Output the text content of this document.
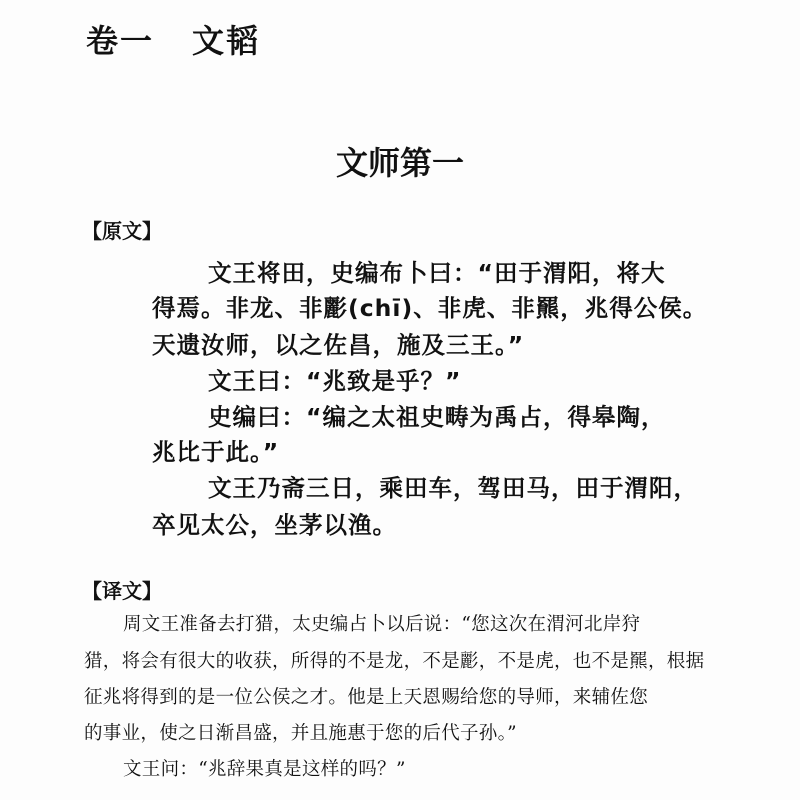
卷一 文韬
文师第一
【原文】
文王将田，史编布卜曰：“田于渭阳，将大
得焉。非龙、非彲(chī)、非虎、非羆，兆得公侯。
天遗汝师，以之佐昌，施及三王。”
文王曰：“兆致是乎？”
史编曰：“编之太祖史畴为禹占，得皋陶，
兆比于此。”
文王乃斋三日，乘田车，驾田马，田于渭阳，
卒见太公，坐茅以渔。
【译文】
周文王准备去打猎，太史编占卜以后说：“您这次在渭河北岸狩
猎，将会有很大的收获，所得的不是龙，不是彲，不是虎，也不是羆，根据
征兆将得到的是一位公侯之才。他是上天恩赐给您的导师，来辅佐您
的事业，使之日渐昌盛，并且施惠于您的后代子孙。”
文王问：“兆辞果真是这样的吗？”
